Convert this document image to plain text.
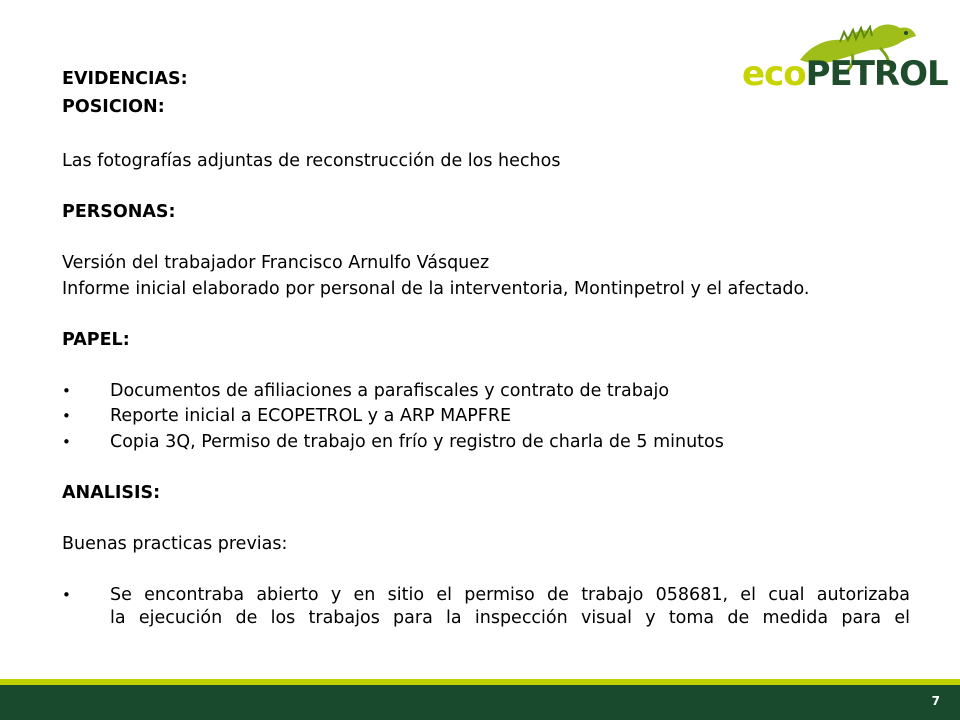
ecoPETROL
EVIDENCIAS:
POSICION:
Las fotografías adjuntas de reconstrucción de los hechos
PERSONAS:
Versión del trabajador Francisco Arnulfo Vásquez
Informe inicial elaborado por personal de la interventoria, Montinpetrol y el afectado.
PAPEL:
• Documentos de afiliaciones a parafiscales y contrato de trabajo
• Reporte inicial a ECOPETROL y a ARP MAPFRE
• Copia 3Q, Permiso de trabajo en frío y registro de charla de 5 minutos
ANALISIS:
Buenas practicas previas:
• Se encontraba abierto y en sitio el permiso de trabajo 058681, el cual autorizaba
la ejecución de los trabajos para la inspección visual y toma de medida para el
7
